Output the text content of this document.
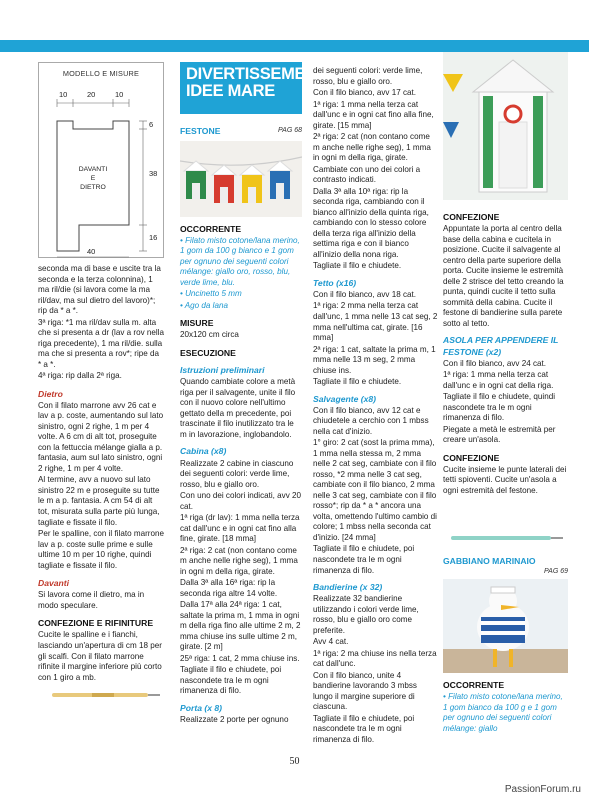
MODELLO E MISURE
10	20	10
6
38
16
40
DAVANTI
E
DIETRO

seconda ma di base e uscite tra la seconda e la terza colonnina), 1 ma ril/die (si lavora come la ma ril/dav, ma sul dietro del lavoro)*; rip da * a *.

3ª riga: *1 ma ril/dav sulla m. alta che si presenta a dr (lav a rov nella riga precedente), 1 ma ril/die. sulla ma che si presenta a rov*; ripe da * a *.

4ª riga: rip dalla 2ª riga.

Dietro

Con il filato marrone avv 26 cat e lav a p. coste, aumentando sul lato sinistro, ogni 2 righe, 1 m per 4 volte. A 6 cm di alt tot, proseguite con la fettuccia mélange gialla a p. fantasia, aum sul lato sinistro, ogni 2 righe, 1 m per 4 volte.

Al termine, avv a nuovo sul lato sinistro 22 m e proseguite su tutte le m a p. fantasia. A cm 54 di alt tot, misurata sulla parte più lunga, tagliate e fissate il filo.

Per le spalline, con il filato marrone lav a p. coste sulle prime e sulle ultime 10 m per 10 righe, quindi tagliate e fissate il filo.

Davanti

Si lavora come il dietro, ma in modo speculare.

CONFEZIONE E RIFINITURE

Cucite le spalline e i fianchi, lasciando un'apertura di cm 18 per gli scalfi. Con il filato marrone rifinite il margine inferiore più corto con 1 giro a mb.

DIVERTISSEMENT
IDEE MARE
FESTONE	PAG 68

OCCORRENTE

• Filato misto cotone/lana merino, 1 gom da 100 g bianco e 1 gom per ognuno dei seguenti colori mélange: giallo oro, rosso, blu, verde lime, blu.

• Uncinetto 5 mm

• Ago da lana

MISURE

20x120 cm circa

ESECUZIONE

Istruzioni preliminari

Quando cambiate colore a metà riga per il salvagente, unite il filo con il nuovo colore nell'ultimo gettato della m precedente, poi trascinate il filo inutilizzato tra le m in lavorazione, inglobandolo.

Cabina (x8)

Realizzate 2 cabine in ciascuno dei seguenti colori: verde lime, rosso, blu e giallo oro.

Con uno dei colori indicati, avv 20 cat.

1ª riga (dr lav): 1 mma nella terza cat dall'unc e in ogni cat fino alla fine, girate. [18 mma]

2ª riga: 2 cat (non contano come m anche nelle righe seg), 1 mma in ogni m della riga, girate.

Dalla 3ª alla 16ª riga: rip la seconda riga altre 14 volte.

Dalla 17ª alla 24ª riga: 1 cat, saltate la prima m, 1 mma in ogni m della riga fino alle ultime 2 m, 2 mma chiuse ins sulle ultime 2 m, girate. [2 m]

25ª riga: 1 cat, 2 mma chiuse ins.

Tagliate il filo e chiudete, poi nascondete tra le m ogni rimanenza di filo.

Porta (x 8)

Realizzate 2 porte per ognuno

dei seguenti colori: verde lime, rosso, blu e giallo oro.

Con il filo bianco, avv 17 cat.

1ª riga: 1 mma nella terza cat dall'unc e in ogni cat fino alla fine, girate. [15 mma]

2ª riga: 2 cat (non contano come m anche nelle righe seg), 1 mma in ogni m della riga, girate.

Cambiate con uno dei colori a contrasto indicati.

Dalla 3ª alla 10ª riga: rip la seconda riga, cambiando con il bianco all'inizio della quinta riga, cambiando con lo stesso colore della terza riga all'inizio della settima riga e con il bianco all'inizio della nona riga.

Tagliate il filo e chiudete.

Tetto (x16)

Con il filo bianco, avv 18 cat.

1ª riga: 2 mma nella terza cat dall'unc, 1 mma nelle 13 cat seg, 2 mma nell'ultima cat, girate. [16 mma]

2ª riga: 1 cat, saltate la prima m, 1 mma nelle 13 m seg, 2 mma chiuse ins.

Tagliate il filo e chiudete.

Salvagente (x8)

Con il filo bianco, avv 12 cat e chiudetele a cerchio con 1 mbss nella cat d'inizio.

1° giro: 2 cat (sost la prima mma), 1 mma nella stessa m, 2 mma nelle 2 cat seg, cambiate con il filo rosso, *2 mma nelle 3 cat seg, cambiate con il filo bianco, 2 mma nelle 3 cat seg, cambiate con il filo rosso*; rip da * a * ancora una volta, omettendo l'ultimo cambio di colore; 1 mbss nella seconda cat d'inizio. [24 mma]

Tagliate il filo e chiudete, poi nascondete tra le m ogni rimanenza di filo.

Bandierine (x 32)

Realizzate 32 bandierine utilizzando i colori verde lime, rosso, blu e giallo oro come preferite.

Avv 4 cat.

1ª riga: 2 ma chiuse ins nella terza cat dall'unc.

Con il filo bianco, unite 4 bandierine lavorando 3 mbss lungo il margine superiore di ciascuna.

Tagliate il filo e chiudete, poi nascondete tra le m ogni rimanenza di filo.

CONFEZIONE

Appuntate la porta al centro della base della cabina e cucitela in posizione. Cucite il salvagente al centro della parte superiore della porta. Cucite insieme le estremità delle 2 strisce del tetto creando la punta, quindi cucite il tetto sulla sommità della cabina. Cucite il festone di bandierine sulla parete sotto al tetto.

ASOLA PER APPENDERE IL FESTONE (x2)

Con il filo bianco, avv 24 cat.

1ª riga: 1 mma nella terza cat dall'unc e in ogni cat della riga.

Tagliate il filo e chiudete, quindi nascondete tra le m ogni rimanenza di filo.

Piegate a metà le estremità per creare un'asola.

CONFEZIONE

Cucite insieme le punte laterali dei tetti spioventi. Cucite un'asola a ogni estremità del festone.

GABBIANO MARINAIO
PAG 69

OCCORRENTE

• Filato misto cotone/lana merino, 1 gom bianco da 100 g e 1 gom per ognuno dei seguenti colori mélange: giallo

50
PassionForum.ru
